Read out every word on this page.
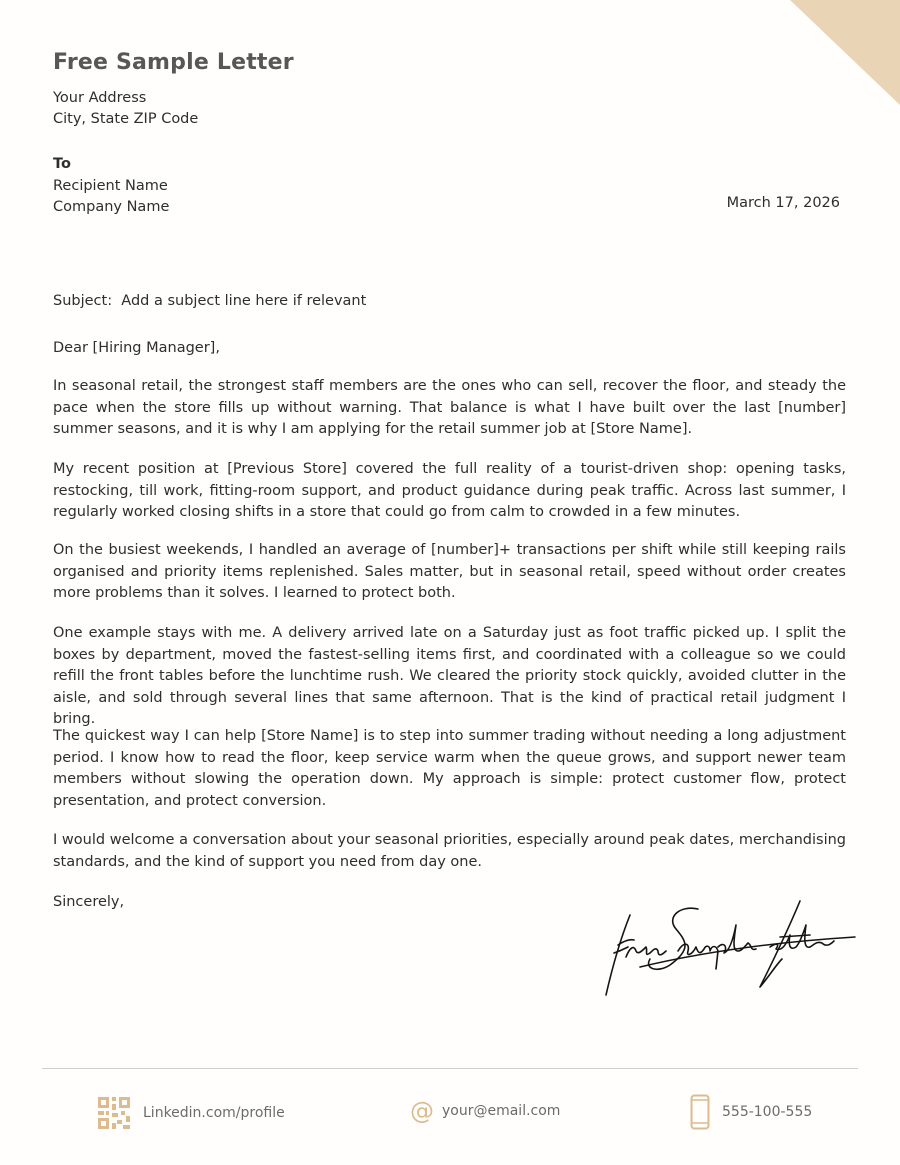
Free Sample Letter
Your Address
City, State ZIP Code
To
Recipient Name
Company Name	March 17, 2026
Subject:  Add a subject line here if relevant
Dear [Hiring Manager],

In seasonal retail, the strongest staff members are the ones who can sell, recover the floor, and steady the pace when the store fills up without warning. That balance is what I have built over the last [number] summer seasons, and it is why I am applying for the retail summer job at [Store Name].

My recent position at [Previous Store] covered the full reality of a tourist-driven shop: opening tasks, restocking, till work, fitting-room support, and product guidance during peak traffic. Across last summer, I regularly worked closing shifts in a store that could go from calm to crowded in a few minutes.

On the busiest weekends, I handled an average of [number]+ transactions per shift while still keeping rails organised and priority items replenished. Sales matter, but in seasonal retail, speed without order creates more problems than it solves. I learned to protect both.

One example stays with me. A delivery arrived late on a Saturday just as foot traffic picked up. I split the boxes by department, moved the fastest-selling items first, and coordinated with a colleague so we could refill the front tables before the lunchtime rush. We cleared the priority stock quickly, avoided clutter in the aisle, and sold through several lines that same afternoon. That is the kind of practical retail judgment I bring.

The quickest way I can help [Store Name] is to step into summer trading without needing a long adjustment period. I know how to read the floor, keep service warm when the queue grows, and support newer team members without slowing the operation down. My approach is simple: protect customer flow, protect presentation, and protect conversion.

I would welcome a conversation about your seasonal priorities, especially around peak dates, merchandising standards, and the kind of support you need from day one.

Sincerely,
Linkedin.com/profile	@ your@email.com	555-100-555
